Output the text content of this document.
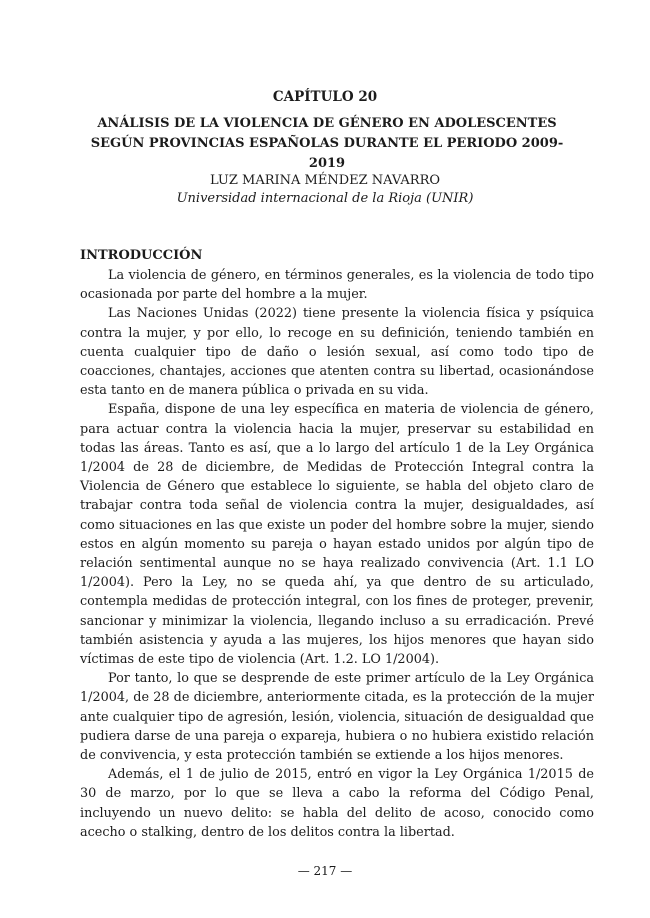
CAPÍTULO 20
ANÁLISIS DE LA VIOLENCIA DE GÉNERO EN ADOLESCENTES SEGÚN PROVINCIAS ESPAÑOLAS DURANTE EL PERIODO 2009-2019
LUZ MARINA MÉNDEZ NAVARRO
Universidad internacional de la Rioja (UNIR)
INTRODUCCIÓN

La violencia de género, en términos generales, es la violencia de todo tipo ocasionada por parte del hombre a la mujer.

Las Naciones Unidas (2022) tiene presente la violencia física y psíquica contra la mujer, y por ello, lo recoge en su definición, teniendo también en cuenta cualquier tipo de daño o lesión sexual, así como todo tipo de coacciones, chantajes, acciones que atenten contra su libertad, ocasionándose esta tanto en de manera pública o privada en su vida.

España, dispone de una ley específica en materia de violencia de género, para actuar contra la violencia hacia la mujer, preservar su estabilidad en todas las áreas. Tanto es así, que a lo largo del artículo 1 de la Ley Orgánica 1/2004 de 28 de diciembre, de Medidas de Protección Integral contra la Violencia de Género que establece lo siguiente, se habla del objeto claro de trabajar contra toda señal de violencia contra la mujer, desigualdades, así como situaciones en las que existe un poder del hombre sobre la mujer, siendo estos en algún momento su pareja o hayan estado unidos por algún tipo de relación sentimental aunque no se haya realizado convivencia (Art. 1.1 LO 1/2004). Pero la Ley, no se queda ahí, ya que dentro de su articulado, contempla medidas de protección integral, con los fines de proteger, prevenir, sancionar y minimizar la violencia, llegando incluso a su erradicación. Prevé también asistencia y ayuda a las mujeres, los hijos menores que hayan sido víctimas de este tipo de violencia (Art. 1.2. LO 1/2004).

Por tanto, lo que se desprende de este primer artículo de la Ley Orgánica 1/2004, de 28 de diciembre, anteriormente citada, es la protección de la mujer ante cualquier tipo de agresión, lesión, violencia, situación de desigualdad que pudiera darse de una pareja o expareja, hubiera o no hubiera existido relación de convivencia, y esta protección también se extiende a los hijos menores.

Además, el 1 de julio de 2015, entró en vigor la Ley Orgánica 1/2015 de 30 de marzo, por lo que se lleva a cabo la reforma del Código Penal, incluyendo un nuevo delito: se habla del delito de acoso, conocido como acecho o stalking, dentro de los delitos contra la libertad.

— 217 —
